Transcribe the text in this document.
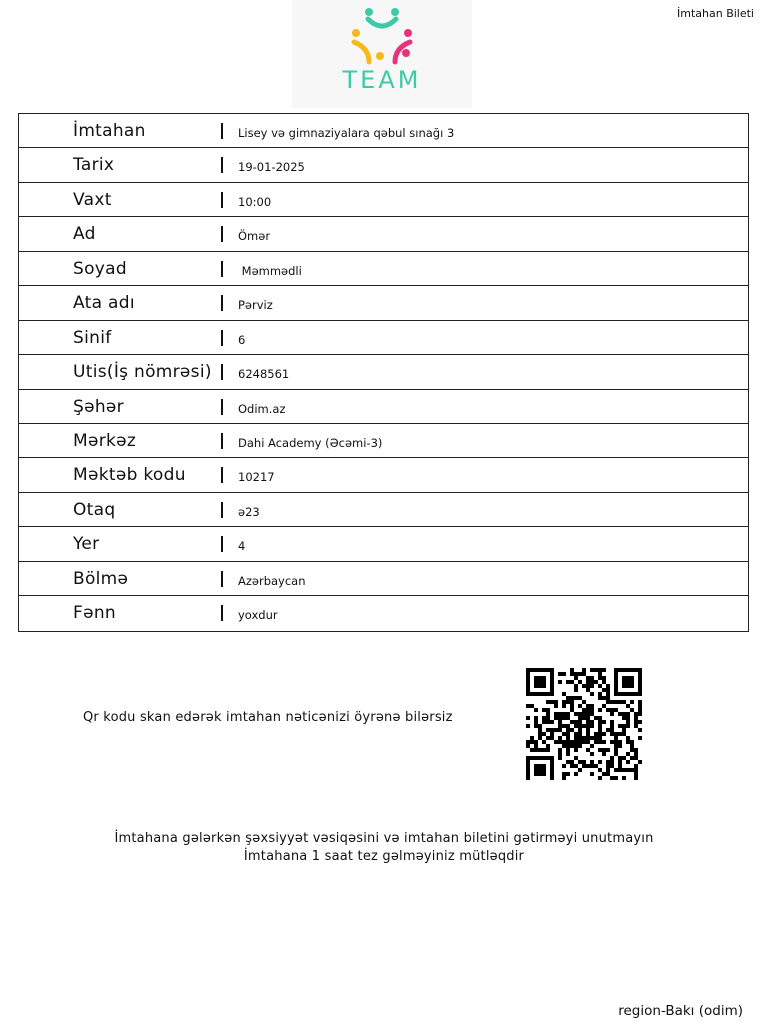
İmtahan Bileti
TEAM
İmtahan	Lisey və gimnaziyalara qəbul sınağı 3
Tarix	19-01-2025
Vaxt	10:00
Ad	Ömər
Soyad	Məmmədli
Ata adı	Pərviz
Sinif	6
Utis(İş nömrəsi) 6248561
Şəhər	Odim.az
Mərkəz	Dahi Academy (Əcəmi-3)
Məktəb kodu	10217
Otaq	ə23
Yer	4
Bölmə	Azərbaycan
Fənn	yoxdur
Qr kodu skan edərək imtahan nəticənizi öyrənə bilərsiz
İmtahana gələrkən şəxsiyyət vəsiqəsini və imtahan biletini gətirməyi unutmayın
İmtahana 1 saat tez gəlməyiniz mütləqdir
region-Bakı (odim)
